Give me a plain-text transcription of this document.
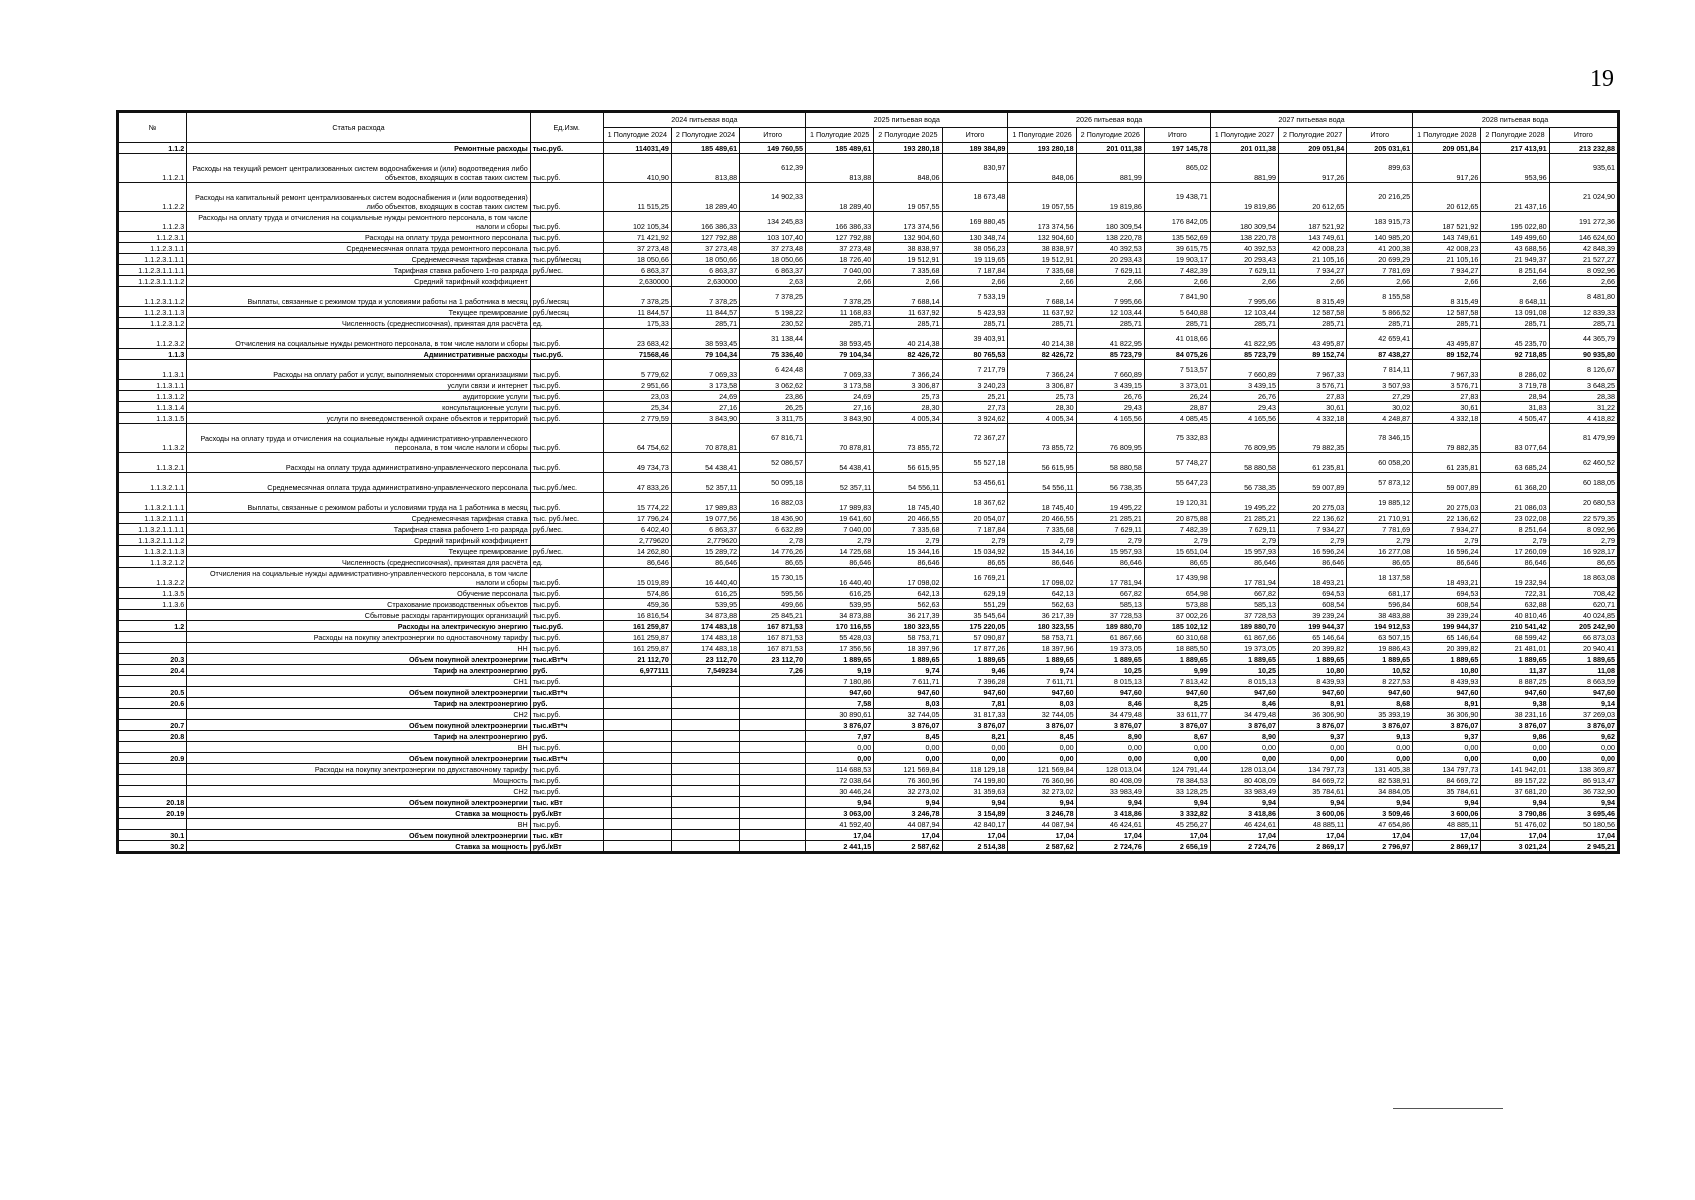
19
№	Статья расхода	Ед.Изм.	2024 питьевая вода			2025 питьевая вода			2026 питьевая вода			2027 питьевая вода			2028 питьевая вода		
			1 Полугодие 2024	2 Полугодие 2024	Итого	1 Полугодие 2025	2 Полугодие 2025	Итого	1 Полугодие 2026	2 Полугодие 2026	Итого	1 Полугодие 2027	2 Полугодие 2027	Итого	1 Полугодие 2028	2 Полугодие 2028	Итого
1.1.2	Ремонтные расходы	тыс.руб.	114031,49	185 489,61	149 760,55	185 489,61	193 280,18	189 384,89	193 280,18	201 011,38	197 145,78	201 011,38	209 051,84	205 031,61	209 051,84	217 413,91	213 232,88
1.1.2.1	Расходы на текущий ремонт централизованных систем водоснабжения и (или) водоотведения либо объектов, входящих в состав таких систем	тыс.руб.	410,90	813,88	612,39	813,88	848,06	830,97	848,06	881,99	865,02	881,99	917,26	899,63	917,26	953,96	935,61
1.1.2.2	Расходы на капитальный ремонт централизованных систем водоснабжения и (или водоотведения) либо объектов, входящих в состав таких систем	тыс.руб.	11 515,25	18 289,40	14 902,33	18 289,40	19 057,55	18 673,48	19 057,55	19 819,86	19 438,71	19 819,86	20 612,65	20 216,25	20 612,65	21 437,16	21 024,90
1.1.2.3	Расходы на оплату труда и отчисления на социальные нужды ремонтного персонала, в том числе налоги и сборы	тыс.руб.	102 105,34	166 386,33	134 245,83	166 386,33	173 374,56	169 880,45	173 374,56	180 309,54	176 842,05	180 309,54	187 521,92	183 915,73	187 521,92	195 022,80	191 272,36
1.1.2.3.1	Расходы на оплату труда ремонтного персонала	тыс.руб.	71 421,92	127 792,88	103 107,40	127 792,88	132 904,60	130 348,74	132 904,60	138 220,78	135 562,69	138 220,78	143 749,61	140 985,20	143 749,61	149 499,60	146 624,60
1.1.2.3.1.1	Среднемесячная оплата труда ремонтного персонала	тыс.руб.	37 273,48	37 273,48	37 273,48	37 273,48	38 838,97	38 056,23	38 838,97	40 392,53	39 615,75	40 392,53	42 008,23	41 200,38	42 008,23	43 688,56	42 848,39
1.1.2.3.1.1.1	Среднемесячная тарифная ставка	тыс.руб/месяц	18 050,66	18 050,66	18 050,66	18 726,40	19 512,91	19 119,65	19 512,91	20 293,43	19 903,17	20 293,43	21 105,16	20 699,29	21 105,16	21 949,37	21 527,27
1.1.2.3.1.1.1.1	Тарифная ставка рабочего 1-го разряда	руб./мес.	6 863,37	6 863,37	6 863,37	7 040,00	7 335,68	7 187,84	7 335,68	7 629,11	7 482,39	7 629,11	7 934,27	7 781,69	7 934,27	8 251,64	8 092,96
1.1.2.3.1.1.1.2	Средний тарифный коэффициент		2,630000	2,630000	2,63	2,66	2,66	2,66	2,66	2,66	2,66	2,66	2,66	2,66	2,66	2,66	2,66
1.1.2.3.1.1.2	Выплаты, связанные с режимом труда и условиями работы на 1 работника в месяц	руб./месяц	7 378,25	7 378,25	7 378,25	7 378,25	7 688,14	7 533,19	7 688,14	7 995,66	7 841,90	7 995,66	8 315,49	8 155,58	8 315,49	8 648,11	8 481,80
1.1.2.3.1.1.3	Текущее премирование	руб./месяц	11 844,57	11 844,57	5 198,22	11 168,83	11 637,92	5 423,93	11 637,92	12 103,44	5 640,88	12 103,44	12 587,58	5 866,52	12 587,58	13 091,08	12 839,33
1.1.2.3.1.2	Численность (среднесписочная), принятая для расчёта	ед.	175,33	285,71	230,52	285,71	285,71	285,71	285,71	285,71	285,71	285,71	285,71	285,71	285,71	285,71	285,71
1.1.2.3.2	Отчисления на социальные нужды ремонтного персонала, в том числе налоги и сборы	тыс.руб.	23 683,42	38 593,45	31 138,44	38 593,45	40 214,38	39 403,91	40 214,38	41 822,95	41 018,66	41 822,95	43 495,87	42 659,41	43 495,87	45 235,70	44 365,79
1.1.3	Административные расходы	тыс.руб.	71568,46	79 104,34	75 336,40	79 104,34	82 426,72	80 765,53	82 426,72	85 723,79	84 075,26	85 723,79	89 152,74	87 438,27	89 152,74	92 718,85	90 935,80
1.1.3.1	Расходы на оплату работ и услуг, выполняемых сторонними организациями	тыс.руб.	5 779,62	7 069,33	6 424,48	7 069,33	7 366,24	7 217,79	7 366,24	7 660,89	7 513,57	7 660,89	7 967,33	7 814,11	7 967,33	8 286,02	8 126,67
1.1.3.1.1	услуги связи и интернет	тыс.руб.	2 951,66	3 173,58	3 062,62	3 173,58	3 306,87	3 240,23	3 306,87	3 439,15	3 373,01	3 439,15	3 576,71	3 507,93	3 576,71	3 719,78	3 648,25
1.1.3.1.2	аудиторские услуги	тыс.руб.	23,03	24,69	23,86	24,69	25,73	25,21	25,73	26,76	26,24	26,76	27,83	27,29	27,83	28,94	28,38
1.1.3.1.4	консультационные услуги	тыс.руб.	25,34	27,16	26,25	27,16	28,30	27,73	28,30	29,43	28,87	29,43	30,61	30,02	30,61	31,83	31,22
1.1.3.1.5	услуги по вневедомственной охране объектов и территорий	тыс.руб.	2 779,59	3 843,90	3 311,75	3 843,90	4 005,34	3 924,62	4 005,34	4 165,56	4 085,45	4 165,56	4 332,18	4 248,87	4 332,18	4 505,47	4 418,82
1.1.3.2	Расходы на оплату труда и отчисления на социальные нужды административно-управленческого персонала, в том числе налоги и сборы	тыс.руб.	64 754,62	70 878,81	67 816,71	70 878,81	73 855,72	72 367,27	73 855,72	76 809,95	75 332,83	76 809,95	79 882,35	78 346,15	79 882,35	83 077,64	81 479,99
1.1.3.2.1	Расходы на оплату труда административно-управленческого персонала	тыс.руб.	49 734,73	54 438,41	52 086,57	54 438,41	56 615,95	55 527,18	56 615,95	58 880,58	57 748,27	58 880,58	61 235,81	60 058,20	61 235,81	63 685,24	62 460,52
1.1.3.2.1.1	Среднемесячная оплата труда административно-управленческого персонала	тыс.руб./мес.	47 833,26	52 357,11	50 095,18	52 357,11	54 556,11	53 456,61	54 556,11	56 738,35	55 647,23	56 738,35	59 007,89	57 873,12	59 007,89	61 368,20	60 188,05
1.1.3.2.1.1.1	Выплаты, связанные с режимом работы и условиями труда на 1 работника в месяц	тыс.руб.	15 774,22	17 989,83	16 882,03	17 989,83	18 745,40	18 367,62	18 745,40	19 495,22	19 120,31	19 495,22	20 275,03	19 885,12	20 275,03	21 086,03	20 680,53
1.1.3.2.1.1.1	Среднемесячная тарифная ставка	тыс. руб./мес.	17 796,24	19 077,56	18 436,90	19 641,60	20 466,55	20 054,07	20 466,55	21 285,21	20 875,88	21 285,21	22 136,62	21 710,91	22 136,62	23 022,08	22 579,35
1.1.3.2.1.1.1.1	Тарифная ставка рабочего 1-го разряда	руб./мес.	6 402,40	6 863,37	6 632,89	7 040,00	7 335,68	7 187,84	7 335,68	7 629,11	7 482,39	7 629,11	7 934,27	7 781,69	7 934,27	8 251,64	8 092,96
1.1.3.2.1.1.1.2	Средний тарифный коэффициент		2,779620	2,779620	2,78	2,79	2,79	2,79	2,79	2,79	2,79	2,79	2,79	2,79	2,79	2,79	2,79
1.1.3.2.1.1.3	Текущее премирование	руб./мес.	14 262,80	15 289,72	14 776,26	14 725,68	15 344,16	15 034,92	15 344,16	15 957,93	15 651,04	15 957,93	16 596,24	16 277,08	16 596,24	17 260,09	16 928,17
1.1.3.2.1.2	Численность (среднесписочная), принятая для расчёта	ед.	86,646	86,646	86,65	86,646	86,646	86,65	86,646	86,646	86,65	86,646	86,646	86,65	86,646	86,646	86,65
1.1.3.2.2	Отчисления на социальные нужды административно-управленческого персонала, в том числе налоги и сборы	тыс.руб.	15 019,89	16 440,40	15 730,15	16 440,40	17 098,02	16 769,21	17 098,02	17 781,94	17 439,98	17 781,94	18 493,21	18 137,58	18 493,21	19 232,94	18 863,08
1.1.3.5	Обучение персонала	тыс.руб.	574,86	616,25	595,56	616,25	642,13	629,19	642,13	667,82	654,98	667,82	694,53	681,17	694,53	722,31	708,42
1.1.3.6	Страхование производственных объектов	тыс.руб.	459,36	539,95	499,66	539,95	562,63	551,29	562,63	585,13	573,88	585,13	608,54	596,84	608,54	632,88	620,71
	Сбытовые расходы гарантирующих организаций	тыс.руб.	16 816,54	34 873,88	25 845,21	34 873,88	36 217,39	35 545,64	36 217,39	37 728,53	37 002,26	37 728,53	39 239,24	38 483,88	39 239,24	40 810,46	40 024,85
1.2	Расходы на электрическую энергию	тыс.руб.	161 259,87	174 483,18	167 871,53	170 116,55	180 323,55	175 220,05	180 323,55	189 880,70	185 102,12	189 880,70	199 944,37	194 912,53	199 944,37	210 541,42	205 242,90
	Расходы на покупку электроэнергии по одноставочному тарифу	тыс.руб.	161 259,87	174 483,18	167 871,53	55 428,03	58 753,71	57 090,87	58 753,71	61 867,66	60 310,68	61 867,66	65 146,64	63 507,15	65 146,64	68 599,42	66 873,03
	НН	тыс.руб.	161 259,87	174 483,18	167 871,53	17 356,56	18 397,96	17 877,26	18 397,96	19 373,05	18 885,50	19 373,05	20 399,82	19 886,43	20 399,82	21 481,01	20 940,41
20.3	Объем покупной электроэнергии	тыс.кВт*ч	21 112,70	23 112,70	23 112,70	1 889,65	1 889,65	1 889,65	1 889,65	1 889,65	1 889,65	1 889,65	1 889,65	1 889,65	1 889,65	1 889,65	1 889,65
20.4	Тариф на электроэнергию	руб.	6,977111	7,549234	7,26	9,19	9,74	9,46	9,74	10,25	9,99	10,25	10,80	10,52	10,80	11,37	11,08
	СН1	тыс.руб.				7 180,86	7 611,71	7 396,28	7 611,71	8 015,13	7 813,42	8 015,13	8 439,93	8 227,53	8 439,93	8 887,25	8 663,59
20.5	Объем покупной электроэнергии	тыс.кВт*ч				947,60	947,60	947,60	947,60	947,60	947,60	947,60	947,60	947,60	947,60	947,60	947,60
20.6	Тариф на электроэнергию	руб.				7,58	8,03	7,81	8,03	8,46	8,25	8,46	8,91	8,68	8,91	9,38	9,14
	СН2	тыс.руб.				30 890,61	32 744,05	31 817,33	32 744,05	34 479,48	33 611,77	34 479,48	36 306,90	35 393,19	36 306,90	38 231,16	37 269,03
20.7	Объем покупной электроэнергии	тыс.кВт*ч				3 876,07	3 876,07	3 876,07	3 876,07	3 876,07	3 876,07	3 876,07	3 876,07	3 876,07	3 876,07	3 876,07	3 876,07
20.8	Тариф на электроэнергию	руб.				7,97	8,45	8,21	8,45	8,90	8,67	8,90	9,37	9,13	9,37	9,86	9,62
	ВН	тыс.руб.				0,00	0,00	0,00	0,00	0,00	0,00	0,00	0,00	0,00	0,00	0,00	0,00
20.9	Объем покупной электроэнергии	тыс.кВт*ч				0,00	0,00	0,00	0,00	0,00	0,00	0,00	0,00	0,00	0,00	0,00	0,00
	Расходы на покупку электроэнергии по двухставочному тарифу	тыс.руб.				114 688,53	121 569,84	118 129,18	121 569,84	128 013,04	124 791,44	128 013,04	134 797,73	131 405,38	134 797,73	141 942,01	138 369,87
	Мощность	тыс.руб.				72 038,64	76 360,96	74 199,80	76 360,96	80 408,09	78 384,53	80 408,09	84 669,72	82 538,91	84 669,72	89 157,22	86 913,47
	СН2	тыс.руб.				30 446,24	32 273,02	31 359,63	32 273,02	33 983,49	33 128,25	33 983,49	35 784,61	34 884,05	35 784,61	37 681,20	36 732,90
20.18	Объем покупной электроэнергии	тыс. кВт				9,94	9,94	9,94	9,94	9,94	9,94	9,94	9,94	9,94	9,94	9,94	9,94
20.19	Ставка за мощность	руб./кВт				3 063,00	3 246,78	3 154,89	3 246,78	3 418,86	3 332,82	3 418,86	3 600,06	3 509,46	3 600,06	3 790,86	3 695,46
	ВН	тыс.руб.				41 592,40	44 087,94	42 840,17	44 087,94	46 424,61	45 256,27	46 424,61	48 885,11	47 654,86	48 885,11	51 476,02	50 180,56
30.1	Объем покупной электроэнергии	тыс. кВт				17,04	17,04	17,04	17,04	17,04	17,04	17,04	17,04	17,04	17,04	17,04	17,04
30.2	Ставка за мощность	руб./кВт				2 441,15	2 587,62	2 514,38	2 587,62	2 724,76	2 656,19	2 724,76	2 869,17	2 796,97	2 869,17	3 021,24	2 945,21
